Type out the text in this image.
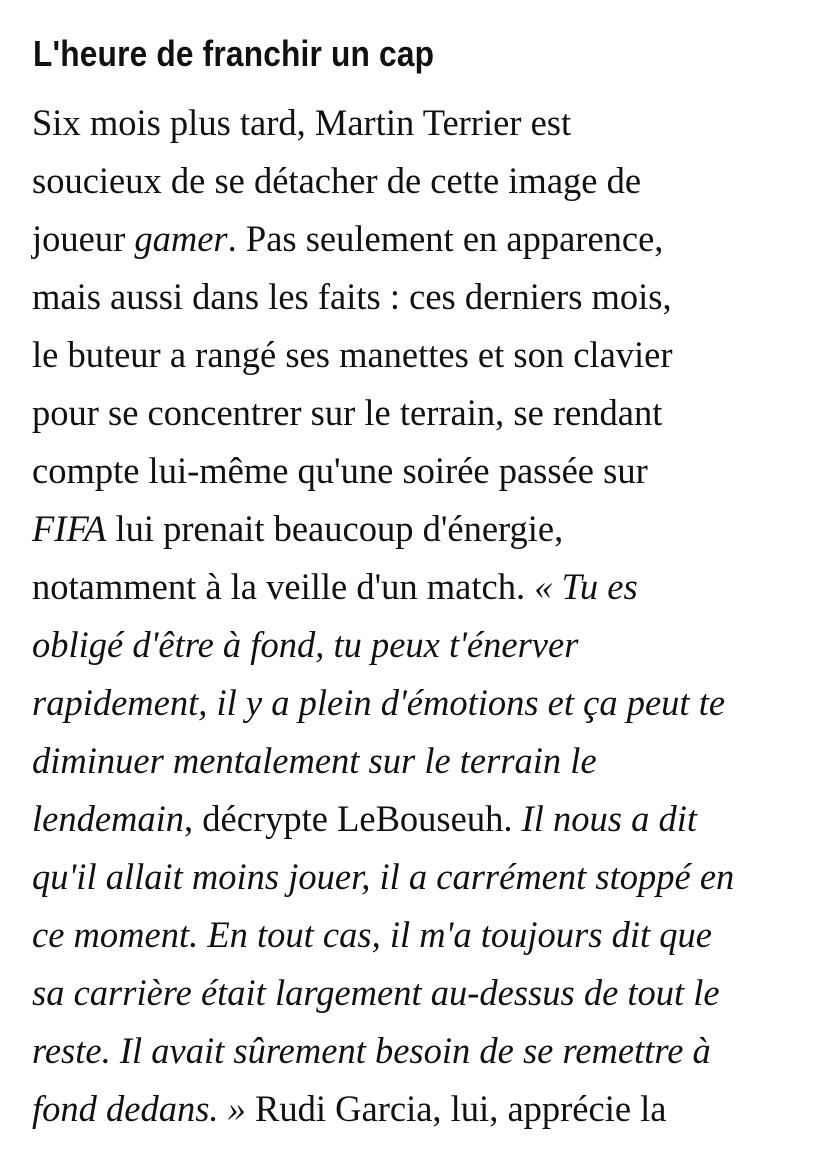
L'heure de franchir un cap
Six mois plus tard, Martin Terrier est
soucieux de se détacher de cette image de
joueur gamer. Pas seulement en apparence,
mais aussi dans les faits : ces derniers mois,
le buteur a rangé ses manettes et son clavier
pour se concentrer sur le terrain, se rendant
compte lui-même qu'une soirée passée sur
FIFA lui prenait beaucoup d'énergie,
notamment à la veille d'un match. « Tu es
obligé d'être à fond, tu peux t'énerver
rapidement, il y a plein d'émotions et ça peut te
diminuer mentalement sur le terrain le
lendemain, décrypte LeBouseuh. Il nous a dit
qu'il allait moins jouer, il a carrément stoppé en
ce moment. En tout cas, il m'a toujours dit que
sa carrière était largement au-dessus de tout le
reste. Il avait sûrement besoin de se remettre à
fond dedans. » Rudi Garcia, lui, apprécie la
